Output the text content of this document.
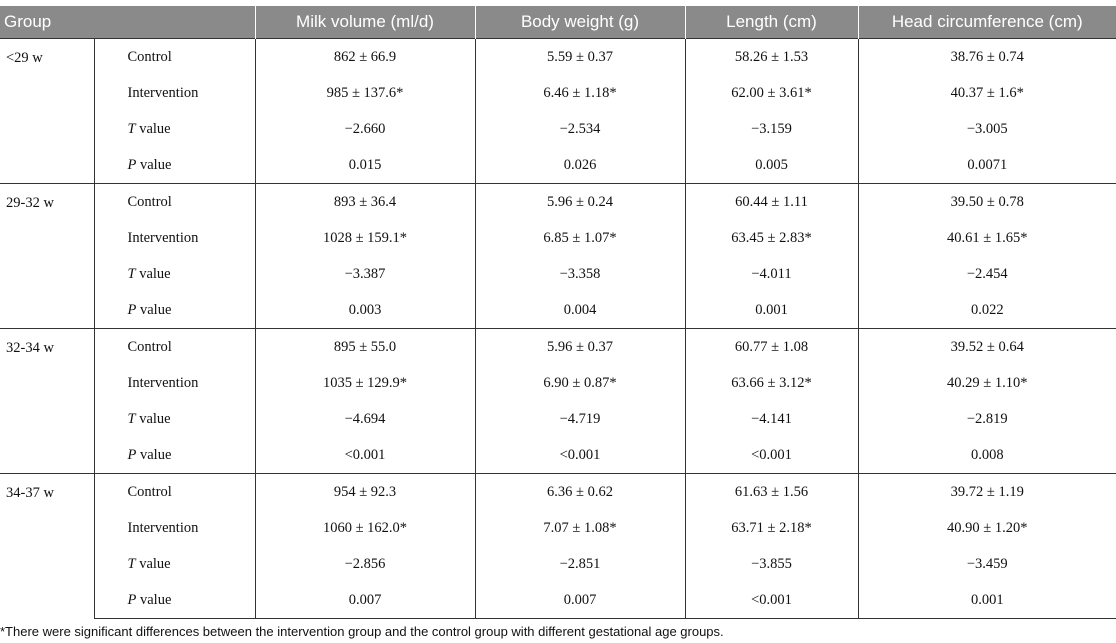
Group		Milk volume (ml/d)	Body weight (g)	Length (cm)	Head circumference (cm)
<29 w	Control	862 ± 66.9	5.59 ± 0.37	58.26 ± 1.53	38.76 ± 0.74
	Intervention	985 ± 137.6*	6.46 ± 1.18*	62.00 ± 3.61*	40.37 ± 1.6*
	T value	−2.660	−2.534	−3.159	−3.005
	P value	0.015	0.026	0.005	0.0071
29-32 w	Control	893 ± 36.4	5.96 ± 0.24	60.44 ± 1.11	39.50 ± 0.78
	Intervention	1028 ± 159.1*	6.85 ± 1.07*	63.45 ± 2.83*	40.61 ± 1.65*
	T value	−3.387	−3.358	−4.011	−2.454
	P value	0.003	0.004	0.001	0.022
32-34 w	Control	895 ± 55.0	5.96 ± 0.37	60.77 ± 1.08	39.52 ± 0.64
	Intervention	1035 ± 129.9*	6.90 ± 0.87*	63.66 ± 3.12*	40.29 ± 1.10*
	T value	−4.694	−4.719	−4.141	−2.819
	P value	<0.001	<0.001	<0.001	0.008
34-37 w	Control	954 ± 92.3	6.36 ± 0.62	61.63 ± 1.56	39.72 ± 1.19
	Intervention	1060 ± 162.0*	7.07 ± 1.08*	63.71 ± 2.18*	40.90 ± 1.20*
	T value	−2.856	−2.851	−3.855	−3.459
	P value	0.007	0.007	<0.001	0.001
*There were significant differences between the intervention group and the control group with different gestational age groups.
